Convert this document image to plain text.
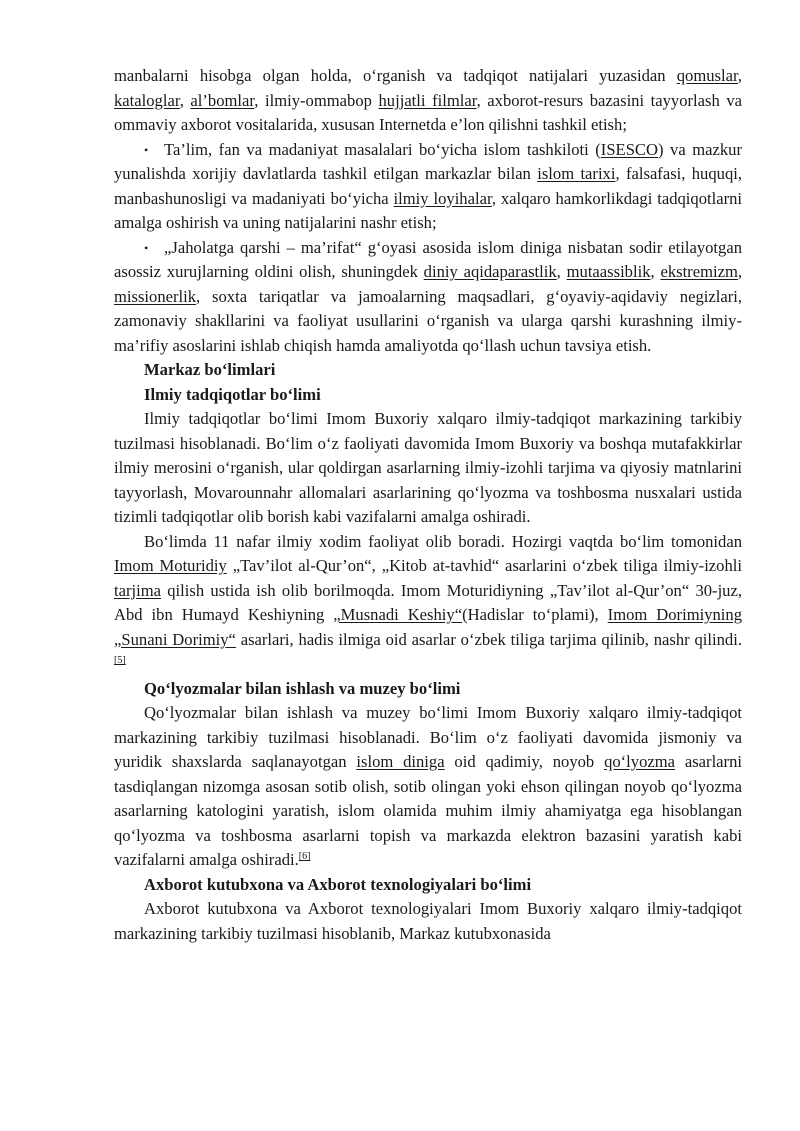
manbalarni hisobga olgan holda, oʻrganish va tadqiqot natijalari yuzasidan qomuslar, kataloglar, al’bomlar, ilmiy-ommabop hujjatli filmlar, axborot-resurs bazasini tayyorlash va ommaviy axborot vositalarida, xususan Internetda e’lon qilishni tashkil etish;

• Ta’lim, fan va madaniyat masalalari boʻyicha islom tashkiloti (ISESCO) va mazkur yunalishda xorijiy davlatlarda tashkil etilgan markazlar bilan islom tarixi, falsafasi, huquqi, manbashunosligi va madaniyati boʻyicha ilmiy loyihalar, xalqaro hamkorlikdagi tadqiqotlarni amalga oshirish va uning natijalarini nashr etish;

• „Jaholatga qarshi – ma’rifat“ gʻoyasi asosida islom diniga nisbatan sodir etilayotgan asossiz xurujlarning oldini olish, shuningdek diniy aqidaparastlik, mutaassiblik, ekstremizm, missionerlik, soxta tariqatlar va jamoalarning maqsadlari, gʻoyaviy-aqidaviy negizlari, zamonaviy shakllarini va faoliyat usullarini oʻrganish va ularga qarshi kurashning ilmiy-ma’rifiy asoslarini ishlab chiqish hamda amaliyotda qoʻllash uchun tavsiya etish.

Markaz boʻlimlari

Ilmiy tadqiqotlar boʻlimi

Ilmiy tadqiqotlar boʻlimi Imom Buxoriy xalqaro ilmiy-tadqiqot markazining tarkibiy tuzilmasi hisoblanadi. Boʻlim oʻz faoliyati davomida Imom Buxoriy va boshqa mutafakkirlar ilmiy merosini oʻrganish, ular qoldirgan asarlarning ilmiy-izohli tarjima va qiyosiy matnlarini tayyorlash, Movarounnahr allomalari asarlarining qoʻlyozma va toshbosma nusxalari ustida tizimli tadqiqotlar olib borish kabi vazifalarni amalga oshiradi.

Boʻlimda 11 nafar ilmiy xodim faoliyat olib boradi. Hozirgi vaqtda boʻlim tomonidan Imom Moturidiy „Tav’ilot al-Qur’on“, „Kitob at-tavhid“ asarlarini oʻzbek tiliga ilmiy-izohli tarjima qilish ustida ish olib borilmoqda. Imom Moturidiyning „Tav’ilot al-Qur’on“ 30-juz, Abd ibn Humayd Keshiyning „Musnadi Keshiy“(Hadislar toʻplami), Imom Dorimiyning „Sunani Dorimiy“ asarlari, hadis ilmiga oid asarlar oʻzbek tiliga tarjima qilinib, nashr qilindi.[5]

Qoʻlyozmalar bilan ishlash va muzey boʻlimi

Qoʻlyozmalar bilan ishlash va muzey boʻlimi Imom Buxoriy xalqaro ilmiy-tadqiqot markazining tarkibiy tuzilmasi hisoblanadi. Boʻlim oʻz faoliyati davomida jismoniy va yuridik shaxslarda saqlanayotgan islom diniga oid qadimiy, noyob qoʻlyozma asarlarni tasdiqlangan nizomga asosan sotib olish, sotib olingan yoki ehson qilingan noyob qoʻlyozma asarlarning katologini yaratish, islom olamida muhim ilmiy ahamiyatga ega hisoblangan qoʻlyozma va toshbosma asarlarni topish va markazda elektron bazasini yaratish kabi vazifalarni amalga oshiradi.[6]

Axborot kutubxona va Axborot texnologiyalari boʻlimi

Axborot kutubxona va Axborot texnologiyalari Imom Buxoriy xalqaro ilmiy-tadqiqot markazining tarkibiy tuzilmasi hisoblanib, Markaz kutubxonasida
